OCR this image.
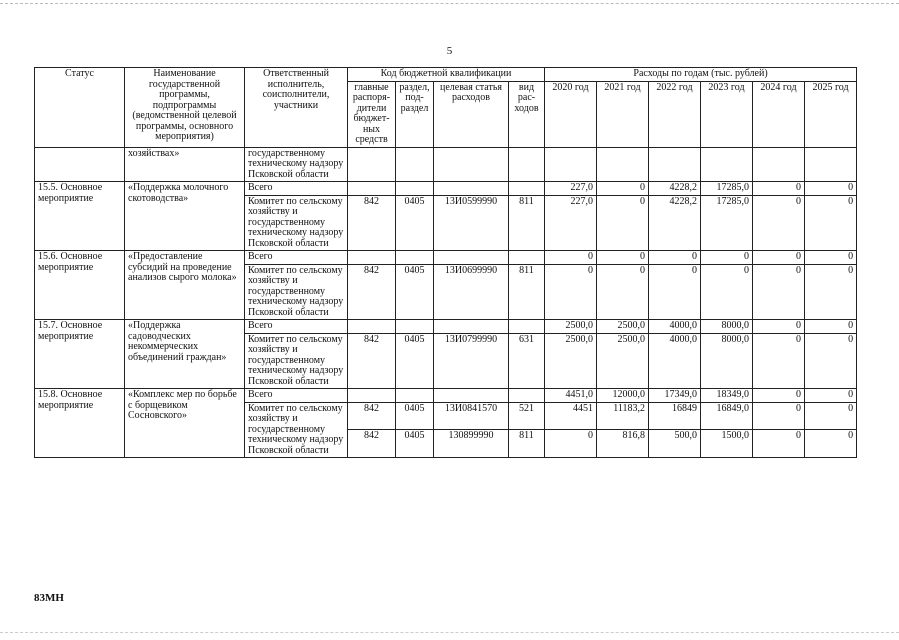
5
Статус	Наименование государственной программы, подпрограммы (ведомственной целевой программы, основного мероприятия)	Ответственный исполнитель, соисполнители, участники	Код бюджетной квалификации				Расходы по годам (тыс. рублей)					
			главные распоря-дители бюджет-ных средств	раздел, под-раздел	целевая статья расходов	вид рас-ходов	2020 год	2021 год	2022 год	2023 год	2024 год	2025 год
	хозяйствах»	государственному техническому надзору Псковской области										
15.5. Основное мероприятие	«Поддержка молочного скотоводства»	Всего					227,0	0	4228,2	17285,0	0	0
		Комитет по сельскому хозяйству и государственному техническому надзору Псковской области	842	0405	13И0599990	811	227,0	0	4228,2	17285,0	0	0
15.6. Основное мероприятие	«Предоставление субсидий на проведение анализов сырого молока»	Всего					0	0	0	0	0	0
		Комитет по сельскому хозяйству и государственному техническому надзору Псковской области	842	0405	13И0699990	811	0	0	0	0	0	0
15.7. Основное мероприятие	«Поддержка садоводческих некоммерческих объединений граждан»	Всего					2500,0	2500,0	4000,0	8000,0	0	0
		Комитет по сельскому хозяйству и государственному техническому надзору Псковской области	842	0405	13И0799990	631	2500,0	2500,0	4000,0	8000,0	0	0
15.8. Основное мероприятие	«Комплекс мер по борьбе с борщевиком Сосновского»	Всего					4451,0	12000,0	17349,0	18349,0	0	0
		Комитет по сельскому хозяйству и государственному техническому надзору Псковской области	842	0405	13И0841570	521	4451	11183,2	16849	16849,0	0	0
			842	0405	130899990	811	0	816,8	500,0	1500,0	0	0
83МН
